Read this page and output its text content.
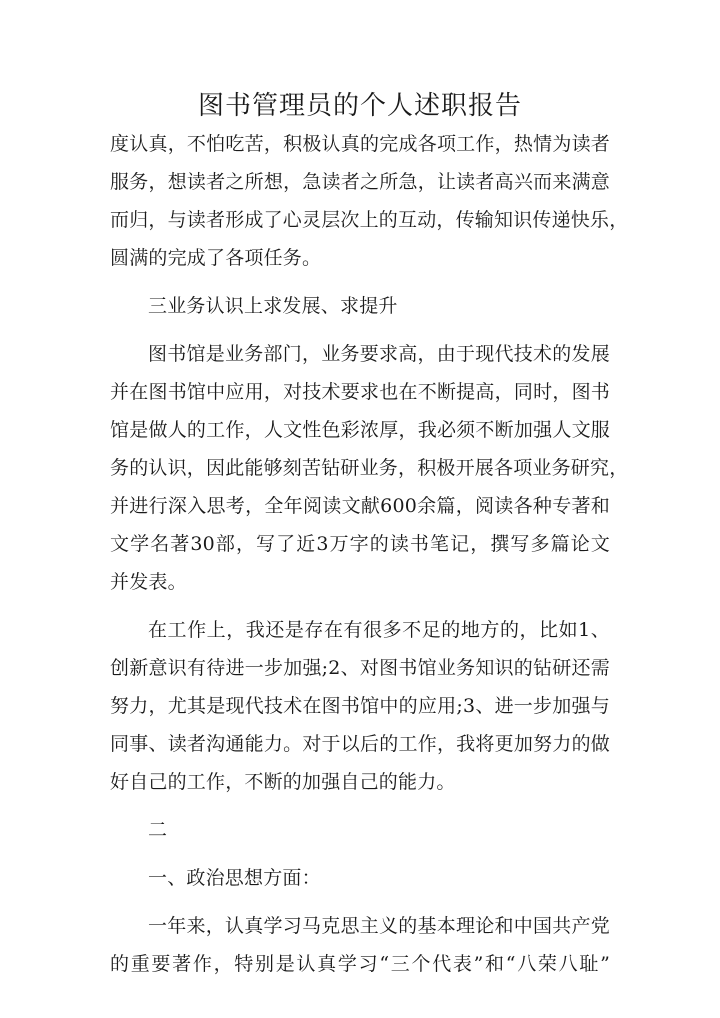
图书管理员的个人述职报告
度认真，不怕吃苦，积极认真的完成各项工作，热情为读者
服务，想读者之所想，急读者之所急，让读者高兴而来满意
而归，与读者形成了心灵层次上的互动，传输知识传递快乐，
圆满的完成了各项任务。
三业务认识上求发展、求提升
图书馆是业务部门，业务要求高，由于现代技术的发展
并在图书馆中应用，对技术要求也在不断提高，同时，图书
馆是做人的工作，人文性色彩浓厚，我必须不断加强人文服
务的认识，因此能够刻苦钻研业务，积极开展各项业务研究，
并进行深入思考，全年阅读文献600余篇，阅读各种专著和
文学名著30部，写了近3万字的读书笔记，撰写多篇论文
并发表。
在工作上，我还是存在有很多不足的地方的，比如1、
创新意识有待进一步加强;2、对图书馆业务知识的钻研还需
努力，尤其是现代技术在图书馆中的应用;3、进一步加强与
同事、读者沟通能力。对于以后的工作，我将更加努力的做
好自己的工作，不断的加强自己的能力。
二
一、政治思想方面：
一年来，认真学习马克思主义的基本理论和中国共产党
的重要著作，特别是认真学习“三个代表”和“八荣八耻”
